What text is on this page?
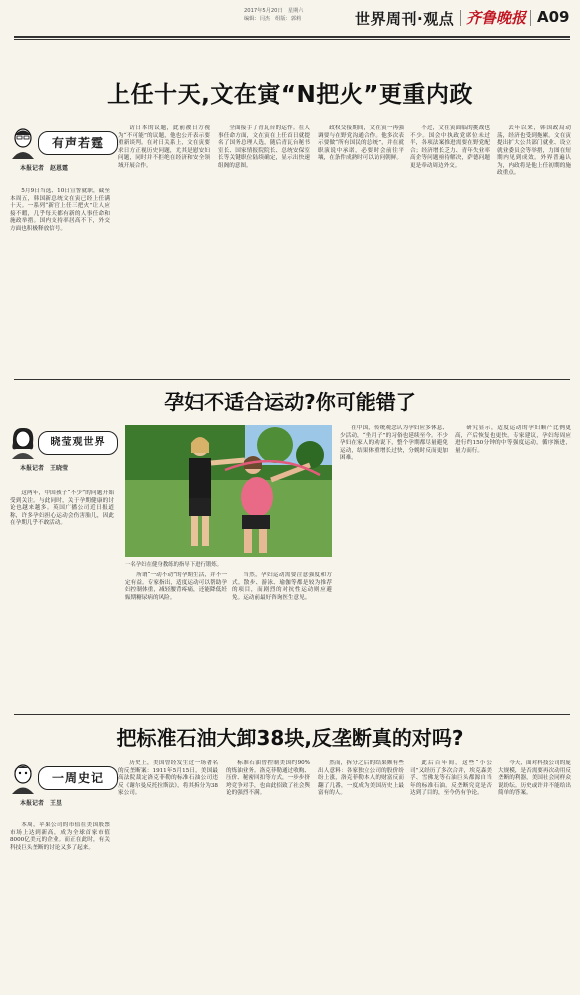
2017年5月20日　星期六
编辑：闫杰　组版：郭莉	世界周刊·观点 齐鲁晚报 A09
上任十天,文在寅“N把火”更重内政
有声若霆
本报记者　赵恩霆

5月9日当选、10日宣誓就职，截至本周五，韩国新总统文在寅已经上任满十天。一系列“新官上任三把火”让人应接不暇，几乎每天都有新的人事任命和施政举措。国内支持率居高不下，外交方面也积极释放信号。

访日本的议题，此前被日方视为“不可能”的议题，他也公开表示要重新谈判。在对日关系上，文在寅要求日方正视历史问题，尤其是慰安妇问题，同时并不拒绝在经济和安全领域开展合作。

全面接手了青瓦台的运作。在人事任命方面，文在寅在上任首日就提名了国务总理人选，随后青瓦台秘书室长、国家情报院院长、总统安保室长等关键职位陆续确定，显示出快速组阁的意图。

政权交接期间，文在寅一再强调要与在野党沟通合作。他多次表示要做“所有国民的总统”，并在就职演说中承诺，必要时会前往平壤，在条件成熟时可以访问朝鲜。

不过，文在寅面临的挑战也不少。国会中执政党席位未过半，各项法案推进需要在野党配合；经济增长乏力、青年失业率高企等问题亟待解决，萨德问题更是牵动周边外交。

去年以来，韩国政局动荡，经济也受到拖累。文在寅提出扩大公共部门就业、设立就业委员会等举措，力图在短期内见到成效。外界普遍认为，内政将是他上任初期的施政重点。

孕妇不适合运动?你可能错了
晓莹观世界
本报记者　王晓莹

这两年，中国孩子“不少”的问题开始受到关注。与此同时，关于孕期健康的讨论也越来越多。英国广播公司近日报道称，许多孕妇担心运动会伤害胎儿，因此在孕期几乎不敢活动。

一名孕妇在健身教练的指导下进行锻炼。

所谓“一动不动”的孕期生活，并不一定有益。专家指出，适度运动可以帮助孕妇控制体重，减轻腰背疼痛，还能降低妊娠期糖尿病的风险。

当然，孕妇运动需要注意强度和方式。散步、游泳、瑜伽等都是较为推荐的项目，而剧烈的对抗性运动则应避免。运动前最好咨询医生意见。

在中国，传统观念认为孕妇应多休息、少活动，“坐月子”的习俗也延续至今。不少孕妇在家人的劝说下，整个孕期都尽量避免运动，结果体重增长过快，分娩时反而更加困难。

研究显示，适度运动的孕妇顺产比例更高，产后恢复也更快。专家建议，孕妇每周应进行约150分钟的中等强度运动，循序渐进，量力而行。

把标准石油大卸38块,反垄断真的对吗?
一周史记
本报记者　王昱

本周，苹果公司的市值在美国股票市场上达到新高，成为全球首家市值8000亿美元的企业。而正在此时，有关科技巨头垄断的讨论又多了起来。

历史上，美国曾经发生过一场著名的反垄断案：1911年5月15日，美国最高法院裁定洛克菲勒的标准石油公司违反《谢尔曼反托拉斯法》，将其拆分为38家公司。

标准石油曾控制美国约90%的炼油业务。洛克菲勒通过收购、压价、秘密回扣等方式，一步步挤垮竞争对手，也由此招致了社会舆论的强烈不满。

然而，拆分之后的结果颇有些出人意料：各家独立公司的股价纷纷上涨，洛克菲勒本人的财富反而翻了几番，一度成为美国历史上最富有的人。

此后百年间，这些“小公司”又经历了多次合并，埃克森美孚、雪佛龙等石油巨头都源自当年的标准石油。反垄断究竟是否达到了目的，至今仍有争论。

今天，面对科技公司的庞大规模，是否需要再次动用反垄断的利器，美国社会同样众说纷纭。历史或许并不能给出简单的答案。
